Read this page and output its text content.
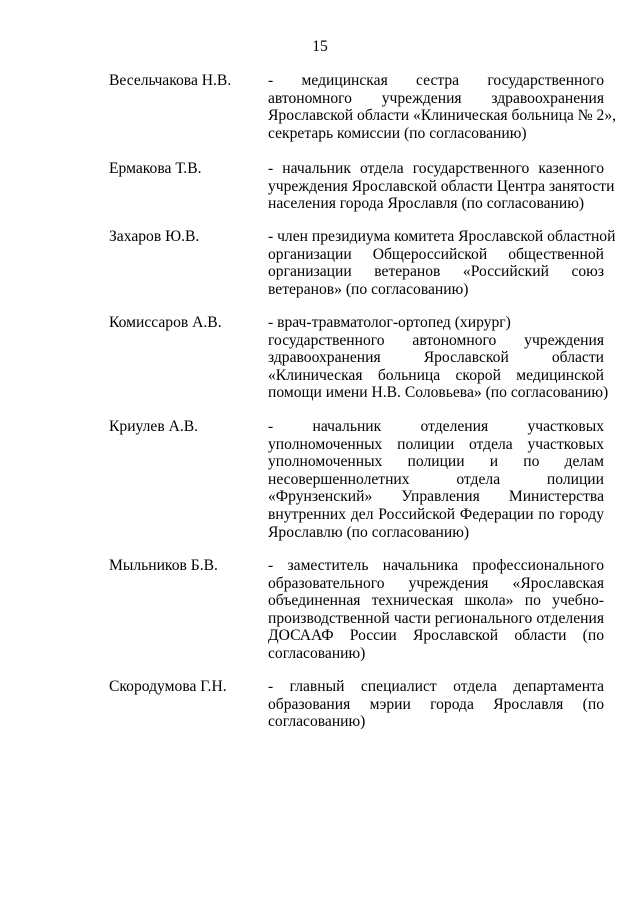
15
Весельчакова Н.В. - медицинская сестра государственного
автономного учреждения здравоохранения
Ярославской области «Клиническая больница № 2»,
секретарь комиссии (по согласованию)
Ермакова Т.В.	- начальник отдела государственного казенного
учреждения Ярославской области Центра занятости
населения города Ярославля (по согласованию)
Захаров Ю.В.	- член президиума комитета Ярославской областной
организации Общероссийской общественной
организации ветеранов «Российский союз
ветеранов» (по согласованию)
Комиссаров А.В.	- врач-травматолог-ортопед (хирург)
государственного автономного учреждения
здравоохранения Ярославской области
«Клиническая больница скорой медицинской
помощи имени Н.В. Соловьева» (по согласованию)
Криулев А.В.	- начальник отделения участковых
уполномоченных полиции отдела участковых
уполномоченных полиции и по делам
несовершеннолетних отдела полиции
«Фрунзенский» Управления Министерства
внутренних дел Российской Федерации по городу
Ярославлю (по согласованию)
Мыльников Б.В.	- заместитель начальника профессионального
образовательного учреждения «Ярославская
объединенная техническая школа» по учебно-
производственной части регионального отделения
ДОСААФ России Ярославской области (по
согласованию)
Скородумова Г.Н.	- главный специалист отдела департамента
образования мэрии города Ярославля (по
согласованию)
